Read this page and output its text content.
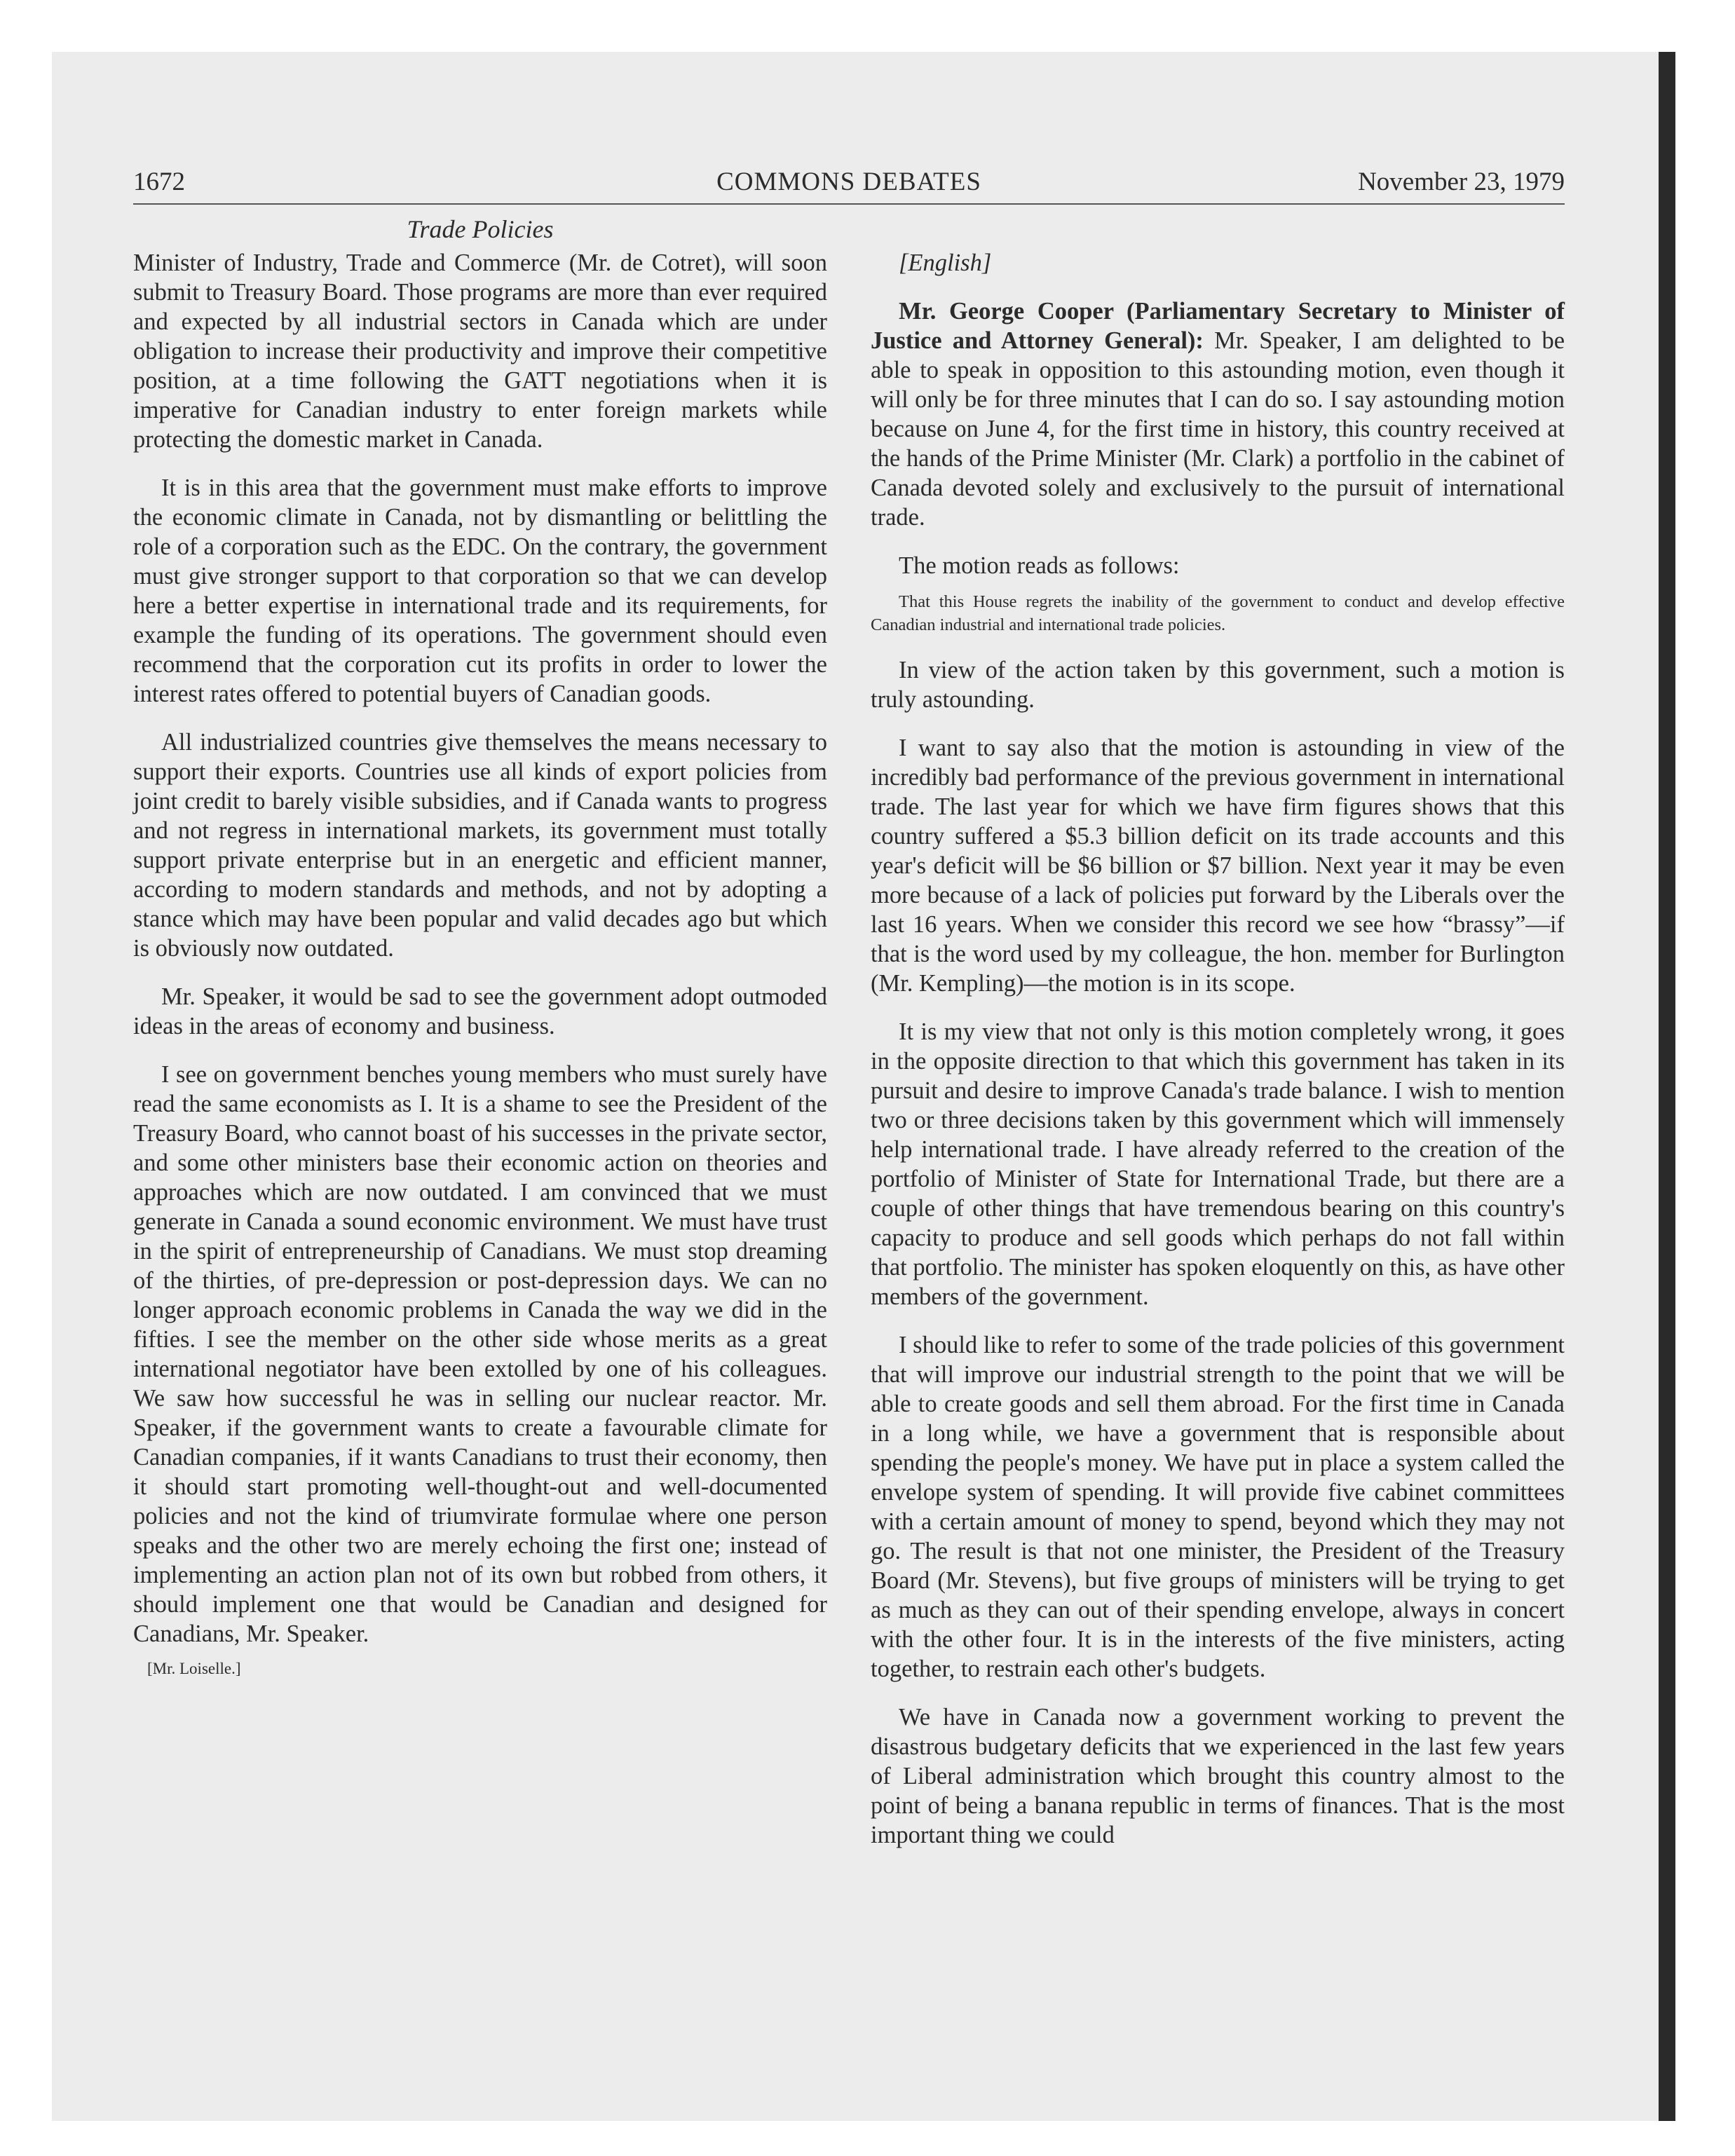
1672	COMMONS DEBATES	November 23, 1979
Trade Policies

Minister of Industry, Trade and Commerce (Mr. de Cotret), will soon submit to Treasury Board. Those programs are more than ever required and expected by all industrial sectors in Canada which are under obligation to increase their productivity and improve their competitive position, at a time following the GATT negotiations when it is imperative for Canadian industry to enter foreign markets while protecting the domestic market in Canada.

It is in this area that the government must make efforts to improve the economic climate in Canada, not by dismantling or belittling the role of a corporation such as the EDC. On the contrary, the government must give stronger support to that corporation so that we can develop here a better expertise in international trade and its requirements, for example the funding of its operations. The government should even recommend that the corporation cut its profits in order to lower the interest rates offered to potential buyers of Canadian goods.

All industrialized countries give themselves the means necessary to support their exports. Countries use all kinds of export policies from joint credit to barely visible subsidies, and if Canada wants to progress and not regress in international markets, its government must totally support private enterprise but in an energetic and efficient manner, according to modern standards and methods, and not by adopting a stance which may have been popular and valid decades ago but which is obviously now outdated.

Mr. Speaker, it would be sad to see the government adopt outmoded ideas in the areas of economy and business.

I see on government benches young members who must surely have read the same economists as I. It is a shame to see the President of the Treasury Board, who cannot boast of his successes in the private sector, and some other ministers base their economic action on theories and approaches which are now outdated. I am convinced that we must generate in Canada a sound economic environment. We must have trust in the spirit of entrepreneurship of Canadians. We must stop dreaming of the thirties, of pre-depression or post-depression days. We can no longer approach economic problems in Canada the way we did in the fifties. I see the member on the other side whose merits as a great international negotiator have been extolled by one of his colleagues. We saw how successful he was in selling our nuclear reactor. Mr. Speaker, if the government wants to create a favourable climate for Canadian companies, if it wants Canadians to trust their economy, then it should start promoting well-thought-out and well-documented policies and not the kind of triumvirate formulae where one person speaks and the other two are merely echoing the first one; instead of implementing an action plan not of its own but robbed from others, it should implement one that would be Canadian and designed for Canadians, Mr. Speaker.

[Mr. Loiselle.]

[English]

Mr. George Cooper (Parliamentary Secretary to Minister of Justice and Attorney General): Mr. Speaker, I am delighted to be able to speak in opposition to this astounding motion, even though it will only be for three minutes that I can do so. I say astounding motion because on June 4, for the first time in history, this country received at the hands of the Prime Minister (Mr. Clark) a portfolio in the cabinet of Canada devoted solely and exclusively to the pursuit of international trade.

The motion reads as follows:

That this House regrets the inability of the government to conduct and develop effective Canadian industrial and international trade policies.

In view of the action taken by this government, such a motion is truly astounding.

I want to say also that the motion is astounding in view of the incredibly bad performance of the previous government in international trade. The last year for which we have firm figures shows that this country suffered a $5.3 billion deficit on its trade accounts and this year's deficit will be $6 billion or $7 billion. Next year it may be even more because of a lack of policies put forward by the Liberals over the last 16 years. When we consider this record we see how “brassy”—if that is the word used by my colleague, the hon. member for Burlington (Mr. Kempling)—the motion is in its scope.

It is my view that not only is this motion completely wrong, it goes in the opposite direction to that which this government has taken in its pursuit and desire to improve Canada's trade balance. I wish to mention two or three decisions taken by this government which will immensely help international trade. I have already referred to the creation of the portfolio of Minister of State for International Trade, but there are a couple of other things that have tremendous bearing on this country's capacity to produce and sell goods which perhaps do not fall within that portfolio. The minister has spoken eloquently on this, as have other members of the government.

I should like to refer to some of the trade policies of this government that will improve our industrial strength to the point that we will be able to create goods and sell them abroad. For the first time in Canada in a long while, we have a government that is responsible about spending the people's money. We have put in place a system called the envelope system of spending. It will provide five cabinet committees with a certain amount of money to spend, beyond which they may not go. The result is that not one minister, the President of the Treasury Board (Mr. Stevens), but five groups of ministers will be trying to get as much as they can out of their spending envelope, always in concert with the other four. It is in the interests of the five ministers, acting together, to restrain each other's budgets.

We have in Canada now a government working to prevent the disastrous budgetary deficits that we experienced in the last few years of Liberal administration which brought this country almost to the point of being a banana republic in terms of finances. That is the most important thing we could
